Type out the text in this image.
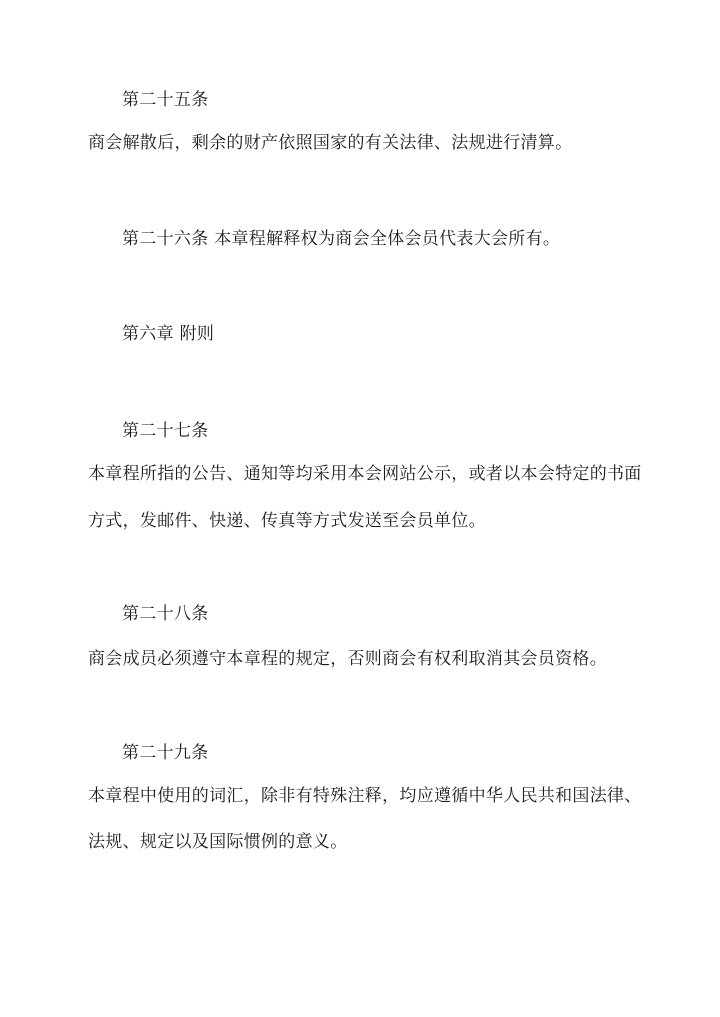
第二十五条
商会解散后，剩余的财产依照国家的有关法律、法规进行清算。
第二十六条 本章程解释权为商会全体会员代表大会所有。
第六章 附则
第二十七条
本章程所指的公告、通知等均采用本会网站公示，或者以本会特定的书面
方式，发邮件、快递、传真等方式发送至会员单位。
第二十八条
商会成员必须遵守本章程的规定，否则商会有权利取消其会员资格。
第二十九条
本章程中使用的词汇，除非有特殊注释，均应遵循中华人民共和国法律、
法规、规定以及国际惯例的意义。
